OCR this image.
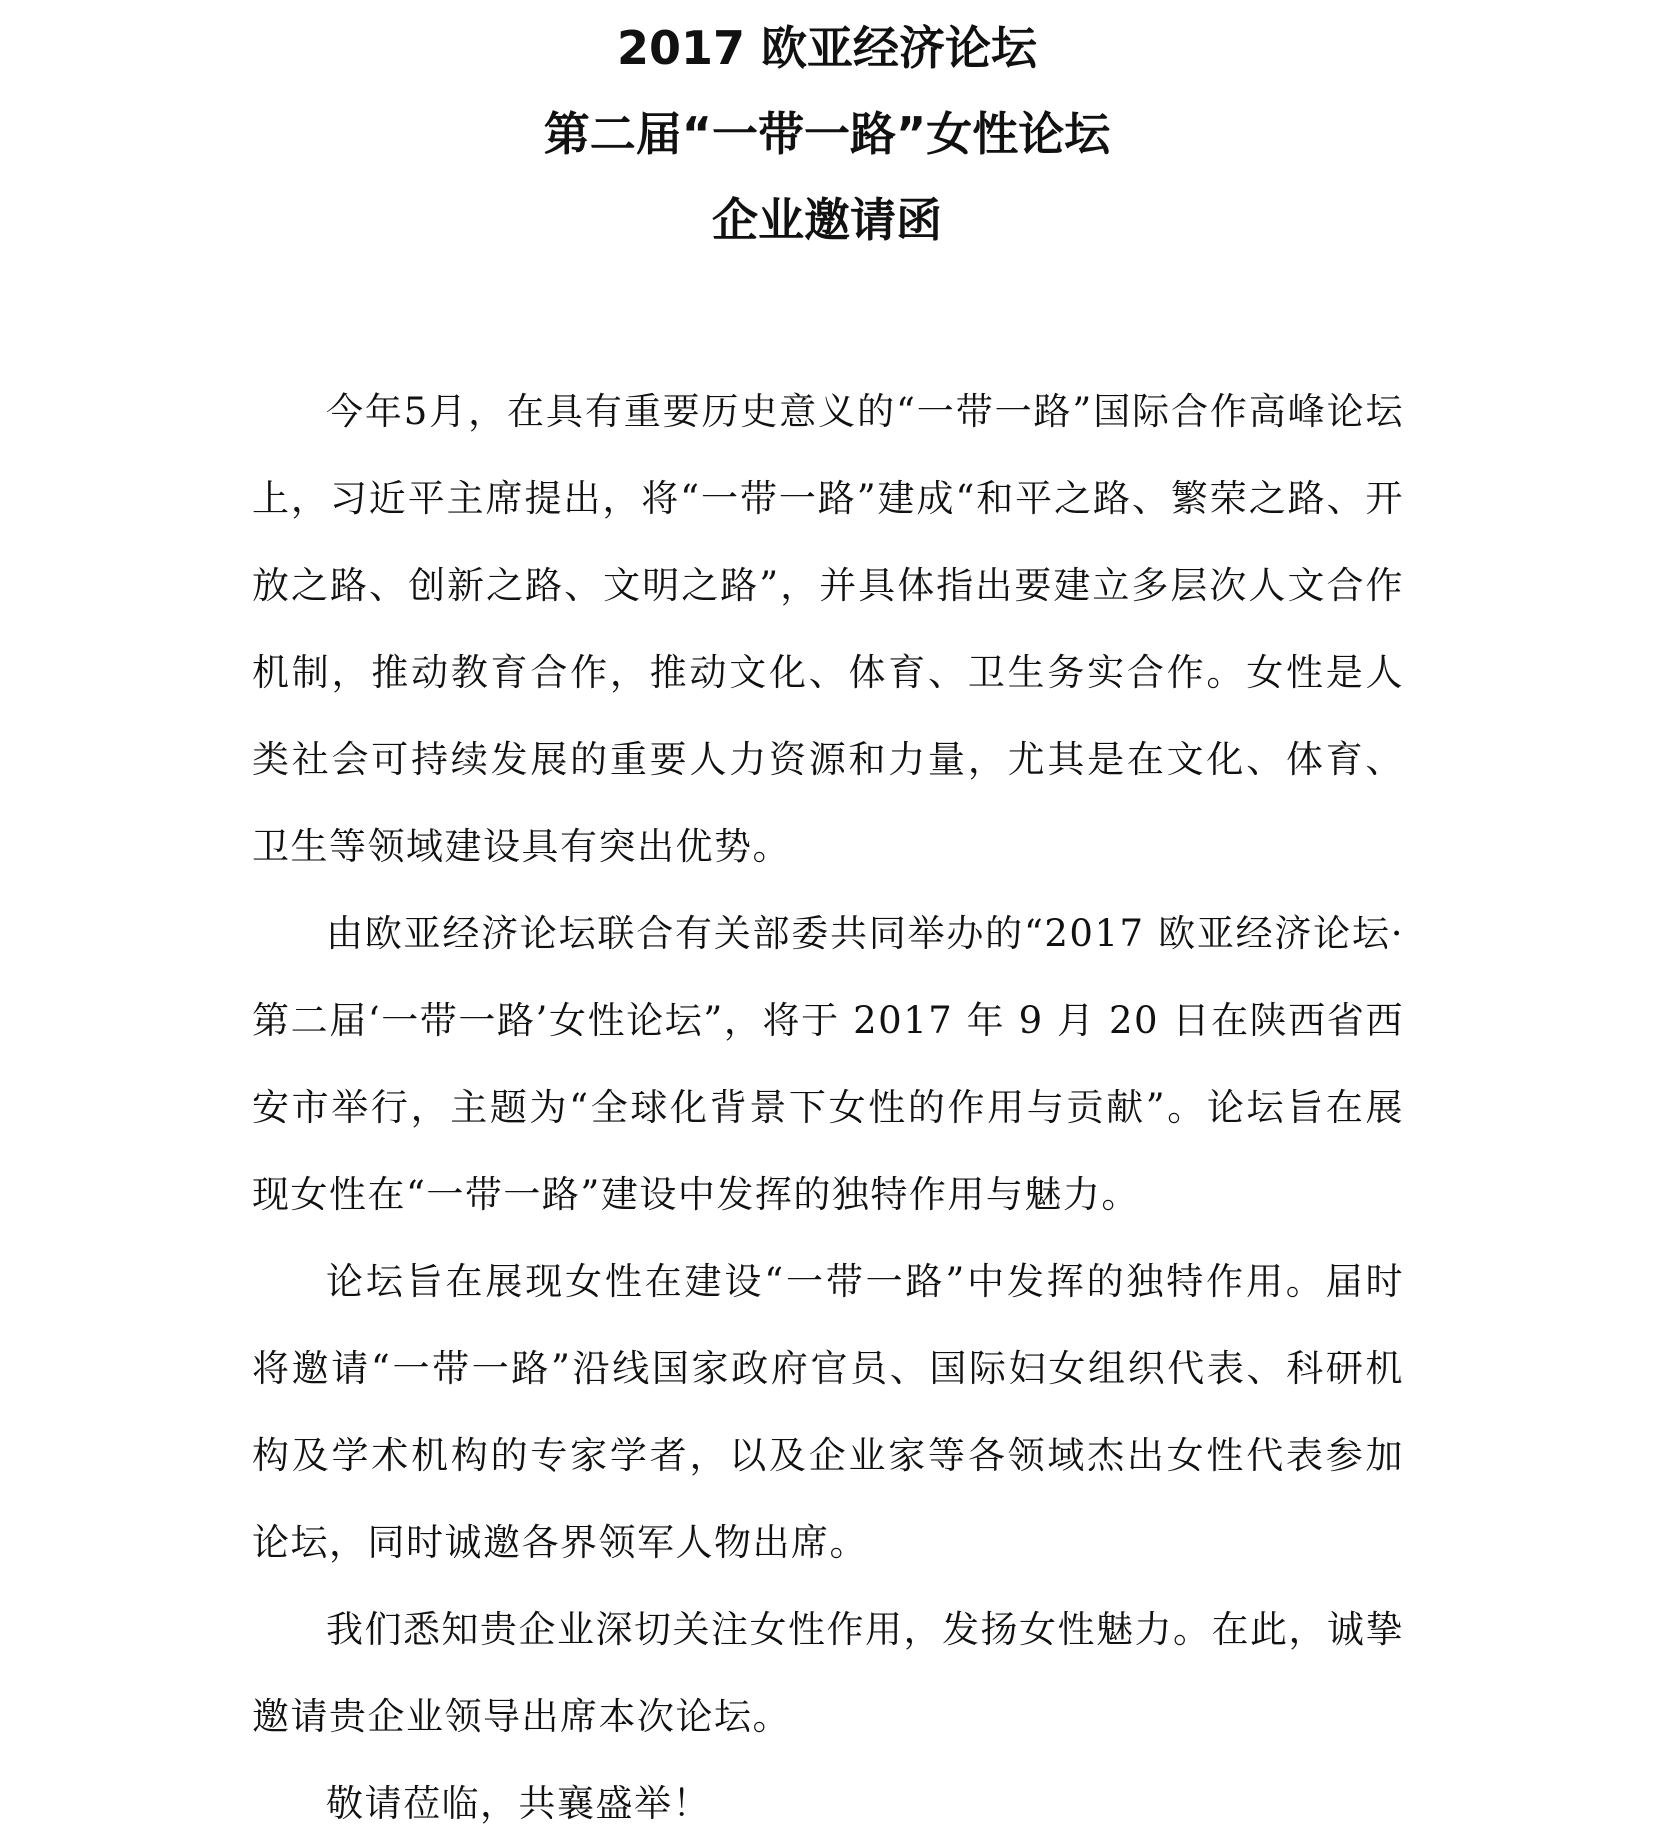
2017 欧亚经济论坛
第二届“一带一路”女性论坛
企业邀请函

今年5月，在具有重要历史意义的“一带一路”国际合作高峰论坛上，习近平主席提出，将“一带一路”建成“和平之路、繁荣之路、开放之路、创新之路、文明之路”，并具体指出要建立多层次人文合作机制，推动教育合作，推动文化、体育、卫生务实合作。女性是人类社会可持续发展的重要人力资源和力量，尤其是在文化、体育、卫生等领域建设具有突出优势。

由欧亚经济论坛联合有关部委共同举办的“2017 欧亚经济论坛·第二届‘一带一路’女性论坛”，将于 2017 年 9 月 20 日在陕西省西安市举行，主题为“全球化背景下女性的作用与贡献”。论坛旨在展现女性在“一带一路”建设中发挥的独特作用与魅力。

论坛旨在展现女性在建设“一带一路”中发挥的独特作用。届时将邀请“一带一路”沿线国家政府官员、国际妇女组织代表、科研机构及学术机构的专家学者，以及企业家等各领域杰出女性代表参加论坛，同时诚邀各界领军人物出席。

我们悉知贵企业深切关注女性作用，发扬女性魅力。在此，诚挚邀请贵企业领导出席本次论坛。

敬请莅临，共襄盛举！
